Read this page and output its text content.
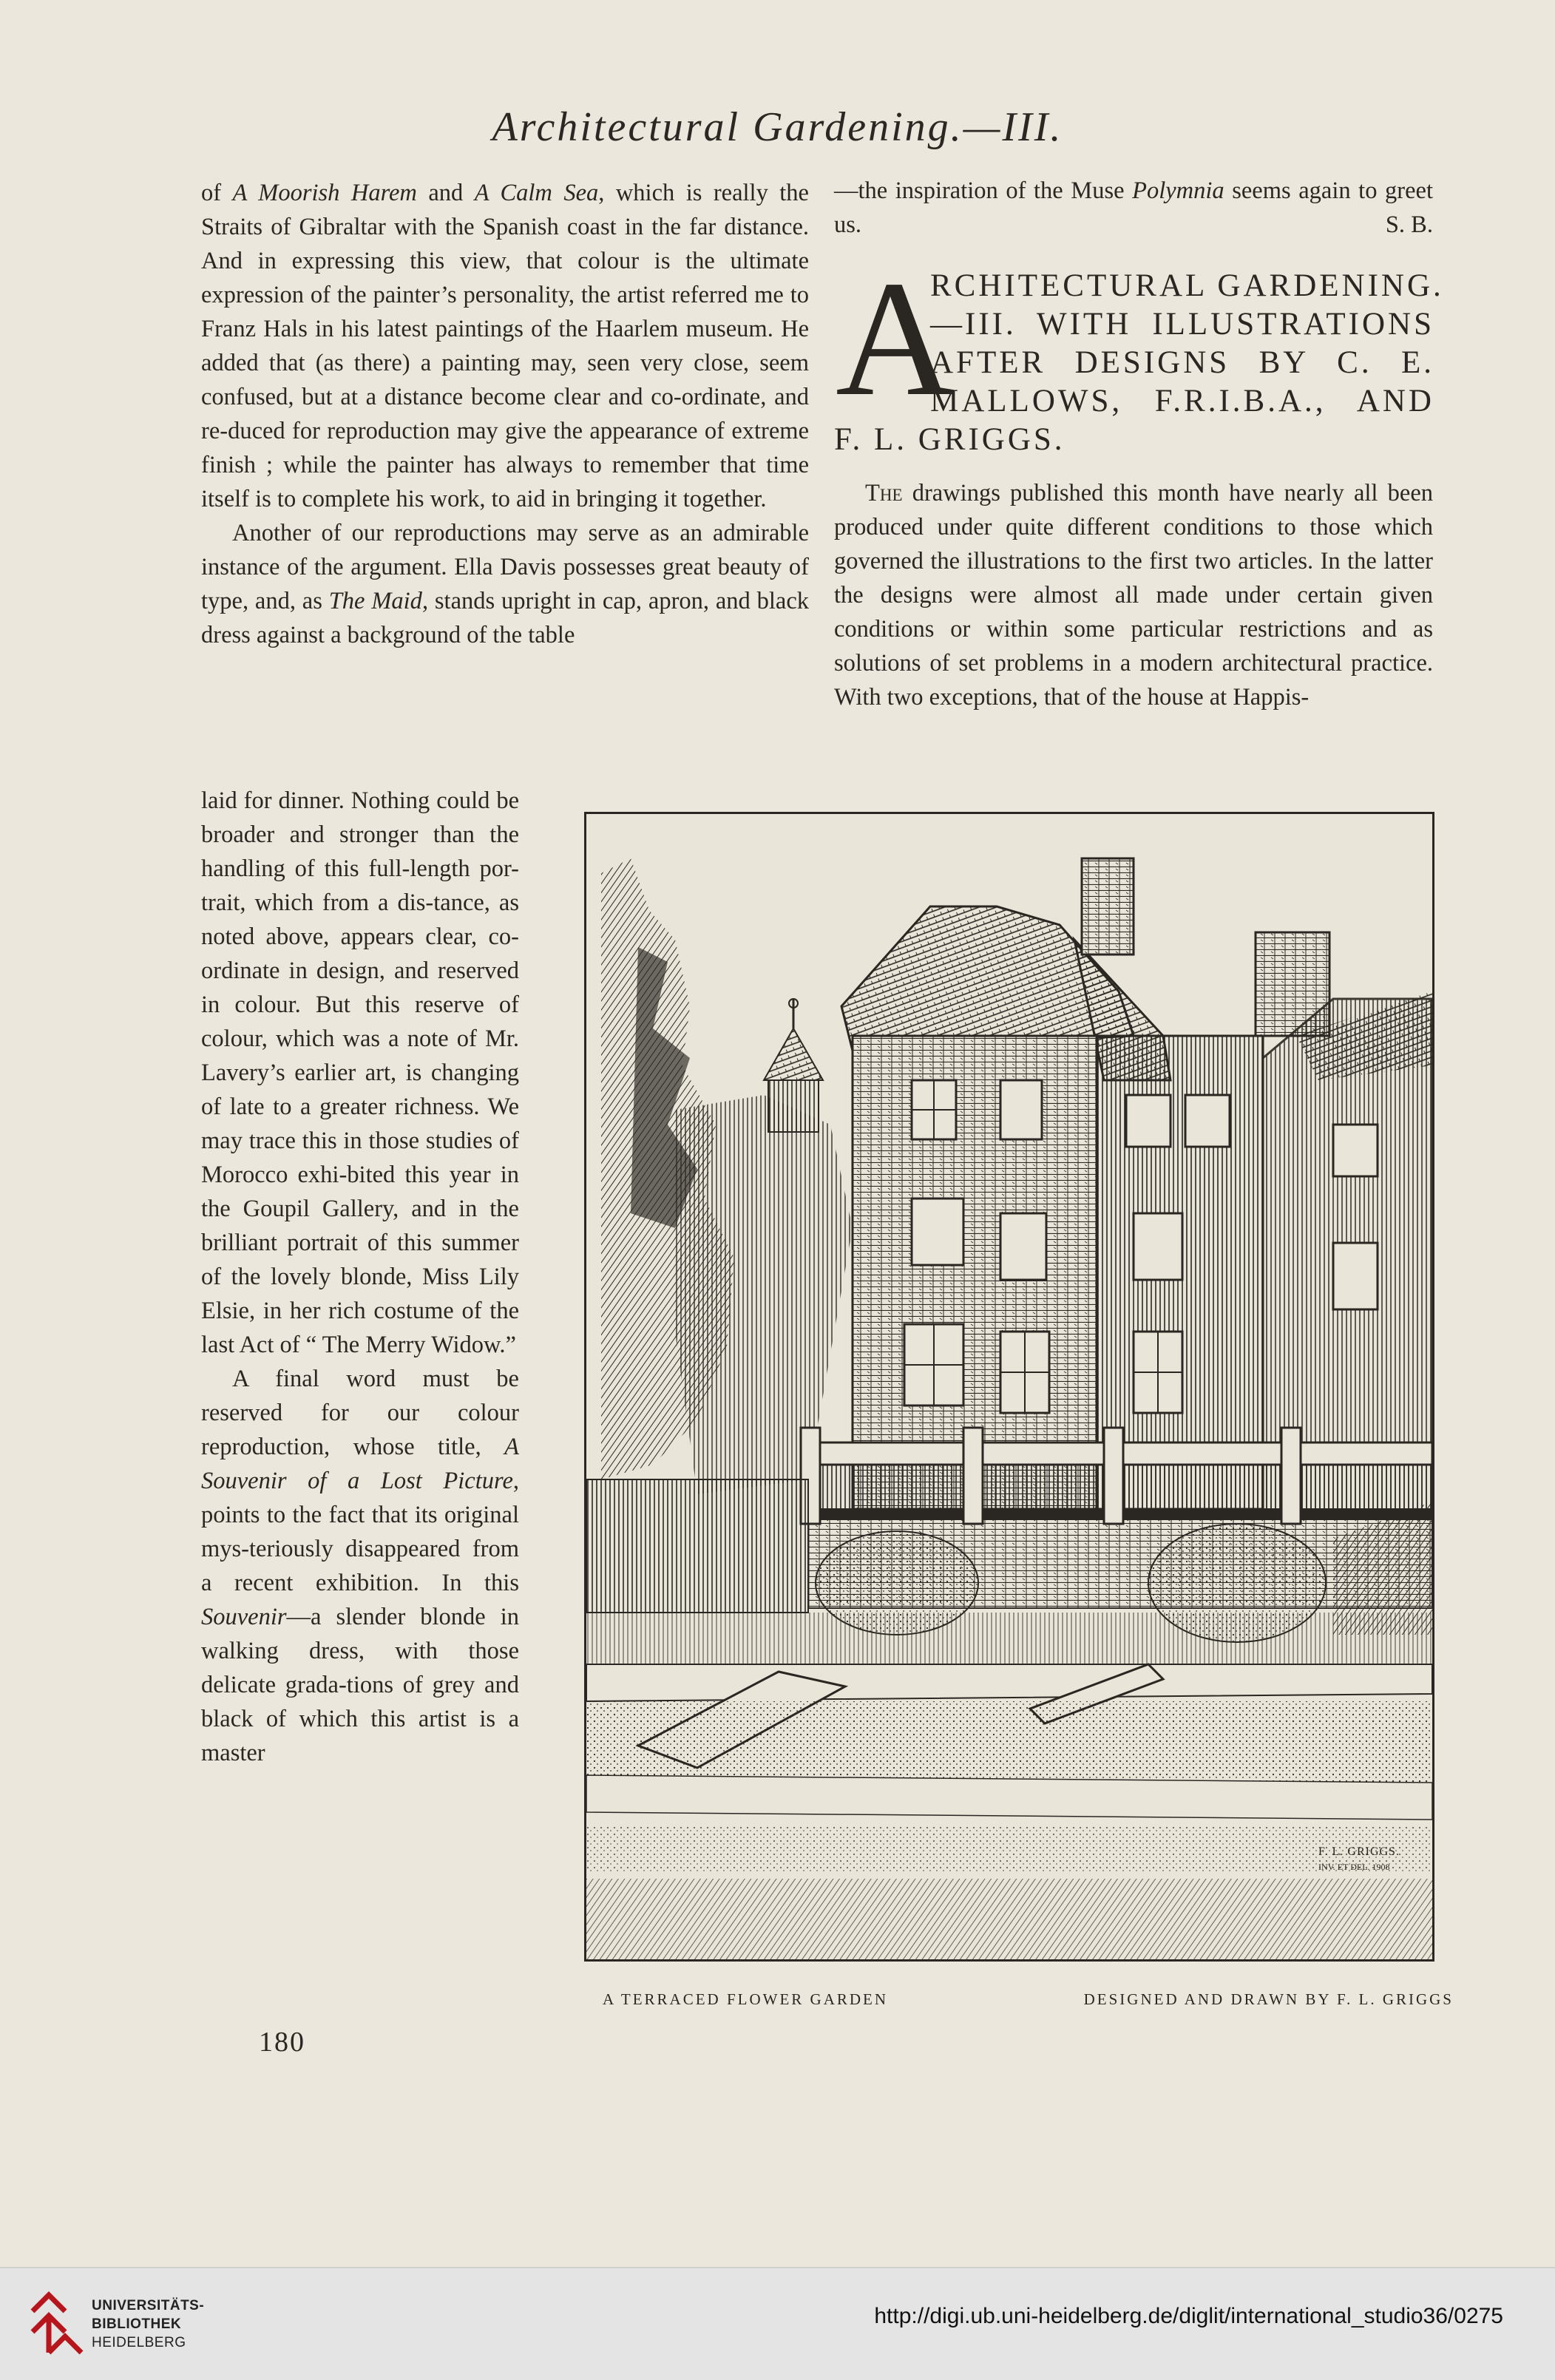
Architectural Gardening.—III.

of A Moorish Harem and A Calm Sea, which is really the Straits of Gibraltar with the Spanish coast in the far distance. And in expressing this view, that colour is the ultimate expression of the painter’s personality, the artist referred me to Franz Hals in his latest paintings of the Haarlem museum. He added that (as there) a painting may, seen very close, seem confused, but at a distance become clear and co-ordinate, and re-duced for reproduction may give the appearance of extreme finish ; while the painter has always to remember that time itself is to complete his work, to aid in bringing it together.

Another of our reproductions may serve as an admirable instance of the argument. Ella Davis possesses great beauty of type, and, as The Maid, stands upright in cap, apron, and black dress against a background of the table

laid for dinner. Nothing could be broader and stronger than the handling of this full-length por-trait, which from a dis-tance, as noted above, appears clear, co-ordinate in design, and reserved in colour. But this reserve of colour, which was a note of Mr. Lavery’s earlier art, is changing of late to a greater richness. We may trace this in those studies of Morocco exhi-bited this year in the Goupil Gallery, and in the brilliant portrait of this summer of the lovely blonde, Miss Lily Elsie, in her rich costume of the last Act of “ The Merry Widow.”

A final word must be reserved for our colour reproduction, whose title, A Souvenir of a Lost Picture, points to the fact that its original mys-teriously disappeared from a recent exhibition. In this Souvenir—a slender blonde in walking dress, with those delicate grada-tions of grey and black of which this artist is a master

—the inspiration of the Muse Polymnia seems again to greet us.	S. B.

A
RCHITECTURAL GARDENING.
—III. WITH ILLUSTRATIONS
AFTER DESIGNS BY C. E.
MALLOWS, F.R.I.B.A., AND
F. L. GRIGGS.

The drawings published this month have nearly all been produced under quite different conditions to those which governed the illustrations to the first two articles. In the latter the designs were almost all made under certain given conditions or within some particular restrictions and as solutions of set problems in a modern architectural practice. With two exceptions, that of the house at Happis-

F. L. GRIGGS.
INV. ET DEL. 1908
A TERRACED FLOWER GARDEN	DESIGNED AND DRAWN BY F. L. GRIGGS
180
UNIVERSITÄTS-
BIBLIOTHEK
HEIDELBERG
http://digi.ub.uni-heidelberg.de/diglit/international_studio36/0275
